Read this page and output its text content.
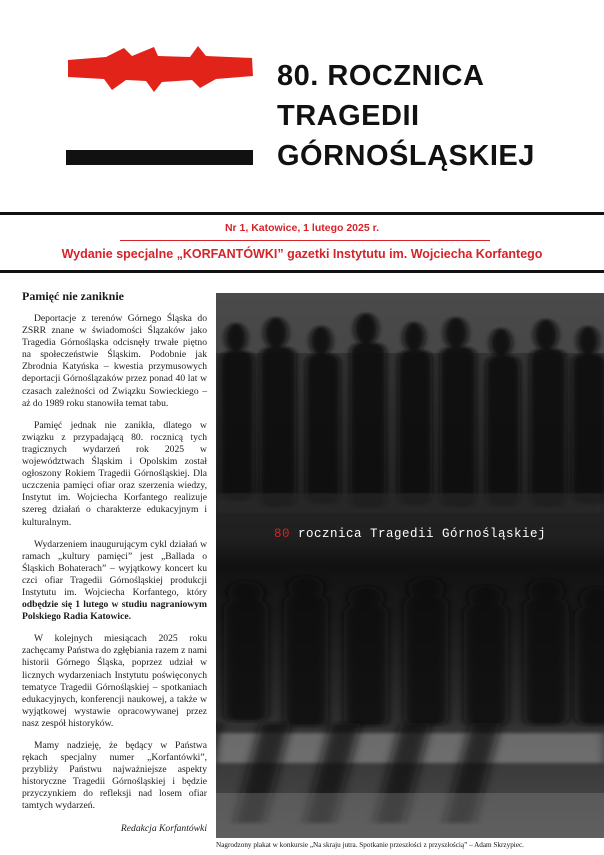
80. ROCZNICA
TRAGEDII
GÓRNOŚLĄSKIEJ
Nr 1, Katowice, 1 lutego 2025 r.
Wydanie specjalne „KORFANTÓWKI” gazetki Instytutu im. Wojciecha Korfantego
Pamięć nie zaniknie

Deportacje z terenów Górnego Śląska do ZSRR znane w świadomości Ślązaków jako Tragedia Górnośląska odcisnęły trwałe piętno na społeczeństwie Śląskim. Podobnie jak Zbrodnia Katyńska – kwestia przymusowych deportacji Górnoślązaków przez ponad 40 lat w czasach zależności od Związku Sowieckiego – aż do 1989 roku stanowiła temat tabu.

Pamięć jednak nie zanikła, dlatego w związku z przypadającą 80. rocznicą tych tragicznych wydarzeń rok 2025 w województwach Śląskim i Opolskim został ogłoszony Rokiem Tragedii Górnośląskiej. Dla uczczenia pamięci ofiar oraz szerzenia wiedzy, Instytut im. Wojciecha Korfantego realizuje szereg działań o charakterze edukacyjnym i kulturalnym.

Wydarzeniem inaugurującym cykl działań w ramach „kultury pamięci” jest „Ballada o Śląskich Bohaterach” – wyjątkowy koncert ku czci ofiar Tragedii Górnośląskiej produkcji Instytutu im. Wojciecha Korfantego, który odbędzie się 1 lutego w studiu nagraniowym Polskiego Radia Katowice.

W kolejnych miesiącach 2025 roku zachęcamy Państwa do zgłębiania razem z nami historii Górnego Śląska, poprzez udział w licznych wydarzeniach Instytutu poświęconych tematyce Tragedii Górnośląskiej – spotkaniach edukacyjnych, konferencji naukowej, a także w wyjątkowej wystawie opracowywanej przez nasz zespół historyków.

Mamy nadzieję, że będący w Państwa rękach specjalny numer „Korfantówki”, przybliży Państwu najważniejsze aspekty historyczne Tragedii Górnośląskiej i będzie przyczynkiem do refleksji nad losem ofiar tamtych wydarzeń.

Redakcja Korfantówki

80 rocznica Tragedii Górnośląskiej
Nagrodzony plakat w konkursie „Na skraju jutra. Spotkanie przeszłości z przyszłością” – Adam Skrzypiec.
